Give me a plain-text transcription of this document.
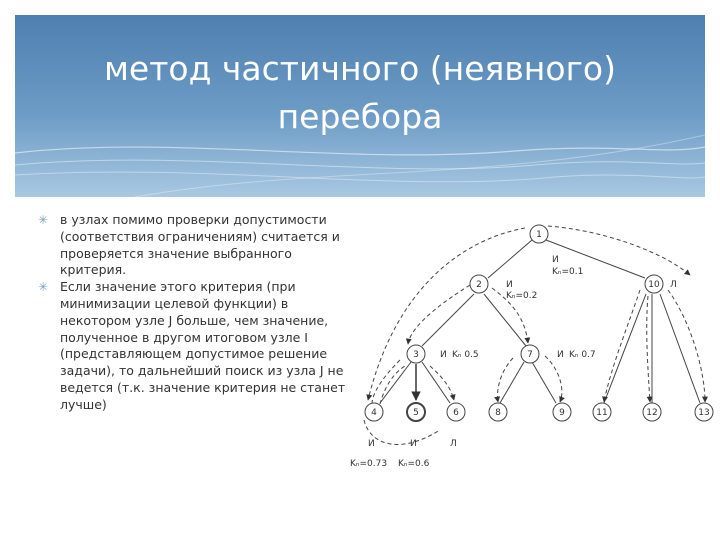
метод частичного (неявного)
перебора
✳ в узлах помимо проверки допустимости (соответствия ограничениям) считается и проверяется значение выбранного критерия.
✳ Если значение этого критерия (при минимизации целевой функции) в некотором узле J больше, чем значение, полученное в другом итоговом узле I (представляющем допустимое решение задачи), то дальнейший поиск из узла J не ведется (т.к. значение критерия не станет лучше)
1
2	10
3	7
4	5	6	8	9	11	12	13
И
Kₙ=0.1
И
Kₙ=0.2
Л
И Kₙ 0.5	И Kₙ 0.7
И	И	Л
Kₙ=0.73 Kₙ=0.6
